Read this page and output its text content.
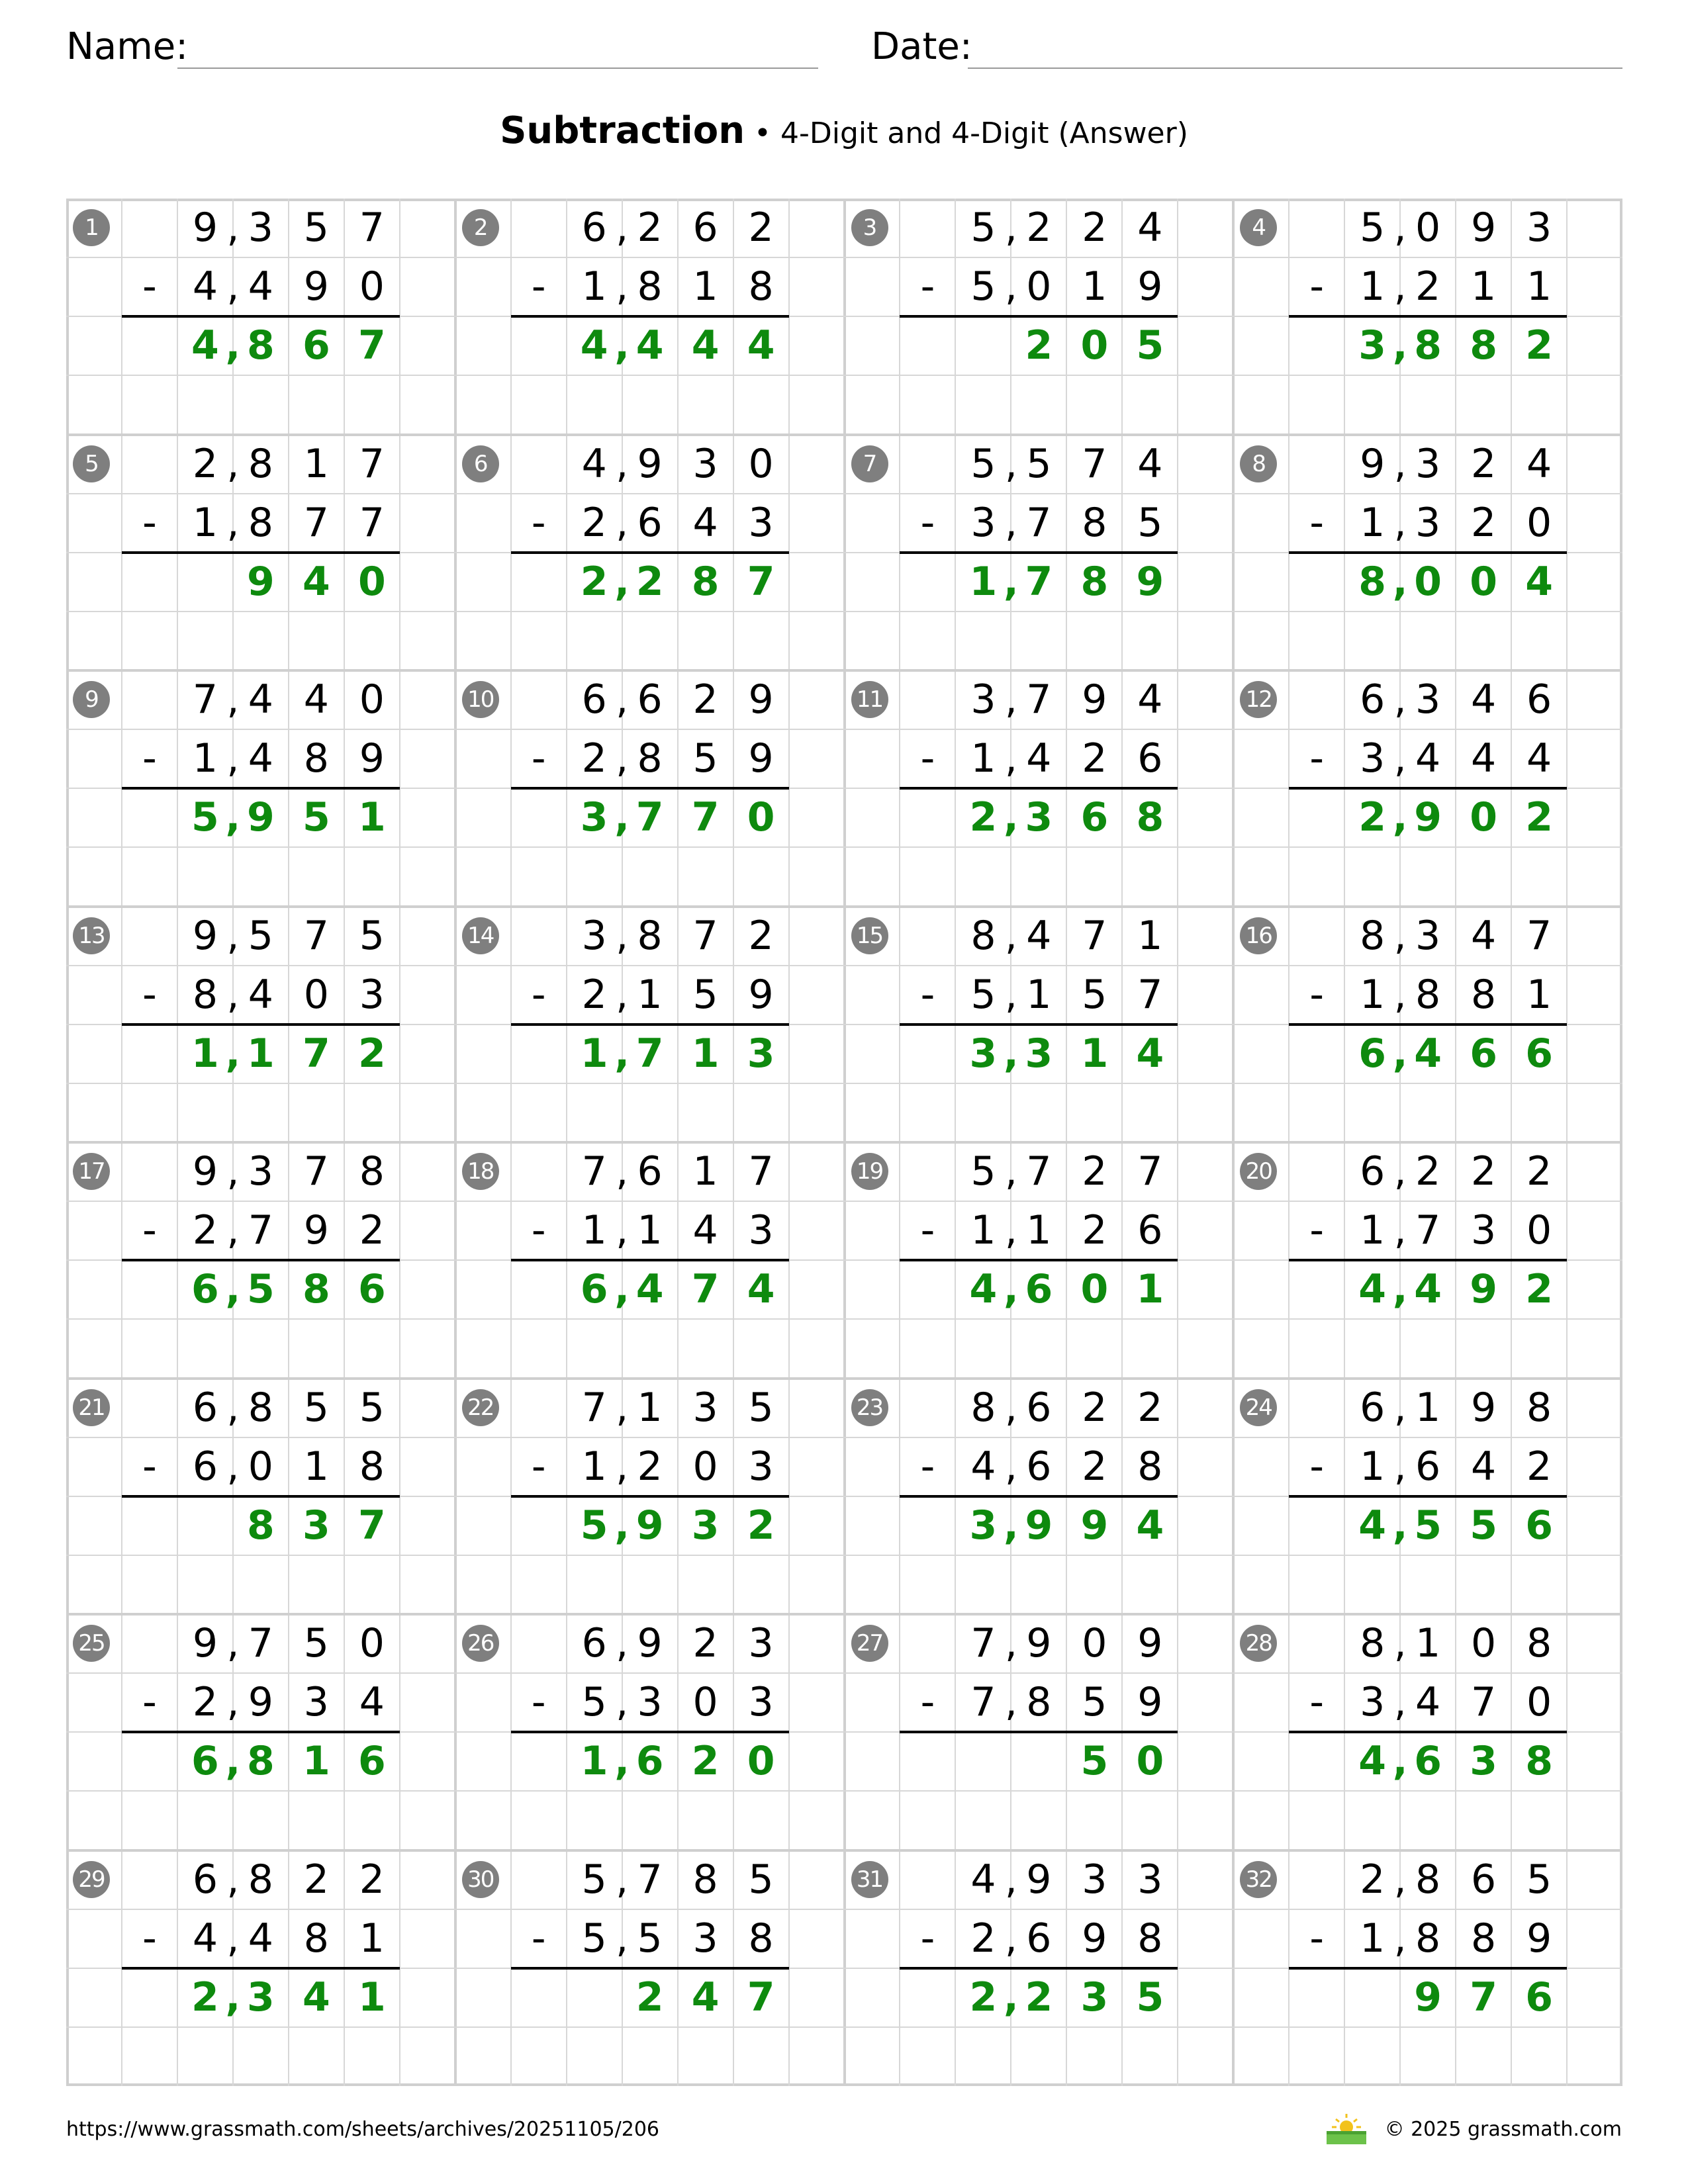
Name:	Date:
Subtraction • 4-Digit and 4-Digit (Answer)
1	9 3 5 7
,
- 4 4 9 0
,
4 8 6 7
,
2	6 2 6 2
,
- 1 8 1 8
,
4 4 4 4
,
3	5 2 2 4
,
- 5 0 1 9
,
2 0 5
4	5 0 9 3
,
- 1 2 1 1
,
3 8 8 2
,
5	2 8 1 7
,
- 1 8 7 7
,
9 4 0
6	4 9 3 0
,
- 2 6 4 3
,
2 2 8 7
,
7	5 5 7 4
,
- 3 7 8 5
,
1 7 8 9
,
8	9 3 2 4
,
- 1 3 2 0
,
8 0 0 4
,
9	7 4 4 0
,
- 1 4 8 9
,
5 9 5 1
,
10	6 6 2 9
,
- 2 8 5 9
,
3 7 7 0
,
11	3 7 9 4
,
- 1 4 2 6
,
2 3 6 8
,
12	6 3 4 6
,
- 3 4 4 4
,
2 9 0 2
,
13	9 5 7 5
,
- 8 4 0 3
,
1 1 7 2
,
14	3 8 7 2
,
- 2 1 5 9
,
1 7 1 3
,
15	8 4 7 1
,
- 5 1 5 7
,
3 3 1 4
,
16	8 3 4 7
,
- 1 8 8 1
,
6 4 6 6
,
17	9 3 7 8
,
- 2 7 9 2
,
6 5 8 6
,
18	7 6 1 7
,
- 1 1 4 3
,
6 4 7 4
,
19	5 7 2 7
,
- 1 1 2 6
,
4 6 0 1
,
20	6 2 2 2
,
- 1 7 3 0
,
4 4 9 2
,
21	6 8 5 5
,
- 6 0 1 8
,
8 3 7
22	7 1 3 5
,
- 1 2 0 3
,
5 9 3 2
,
23	8 6 2 2
,
- 4 6 2 8
,
3 9 9 4
,
24	6 1 9 8
,
- 1 6 4 2
,
4 5 5 6
,
25	9 7 5 0
,
- 2 9 3 4
,
6 8 1 6
,
26	6 9 2 3
,
- 5 3 0 3
,
1 6 2 0
,
27	7 9 0 9
,
- 7 8 5 9
,
5 0
28	8 1 0 8
,
- 3 4 7 0
,
4 6 3 8
,
29	6 8 2 2
,
- 4 4 8 1
,
2 3 4 1
,
30	5 7 8 5
,
- 5 5 3 8
,
2 4 7
31	4 9 3 3
,
- 2 6 9 8
,
2 2 3 5
,
32	2 8 6 5
,
- 1 8 8 9
,
9 7 6
https://www.grassmath.com/sheets/archives/20251105/206	© 2025 grassmath.com
